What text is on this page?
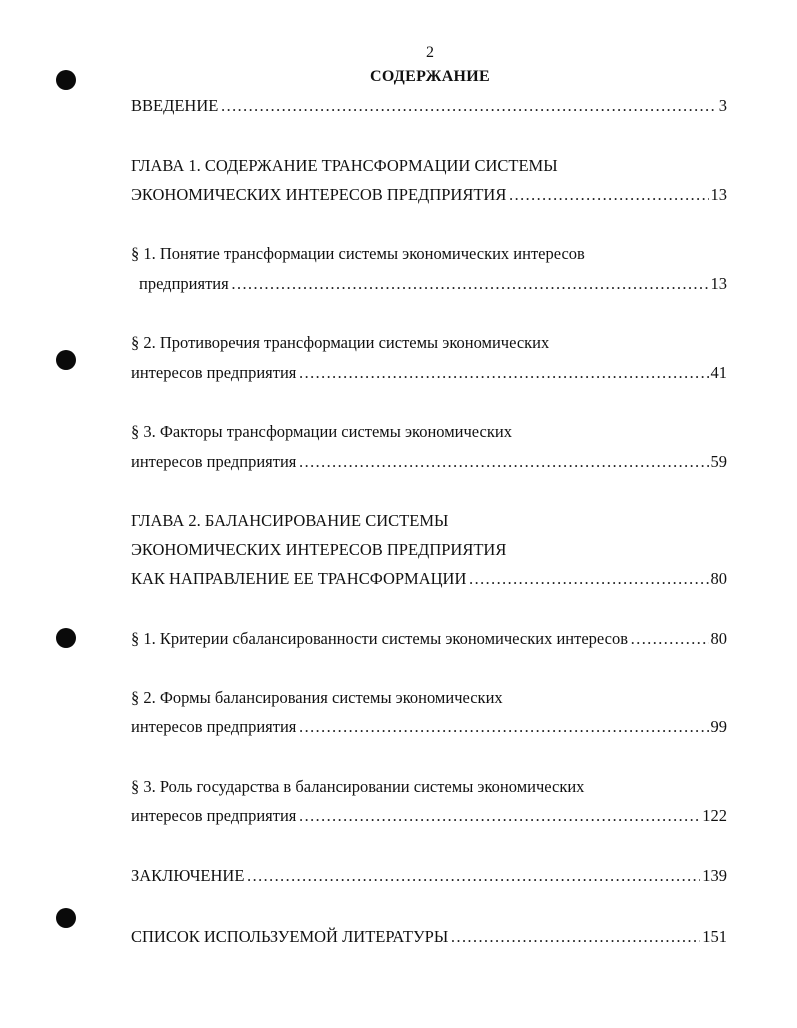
2
СОДЕРЖАНИЕ
ВВЕДЕНИЕ …………………………………………………………………………………………………………………………………………………………	3
ГЛАВА 1. СОДЕРЖАНИЕ ТРАНСФОРМАЦИИ СИСТЕМЫ
ЭКОНОМИЧЕСКИХ ИНТЕРЕСОВ ПРЕДПРИЯТИЯ …………………………………………………………………………………………………………………………………………………………	13
§ 1. Понятие трансформации системы экономических интересов
предприятия …………………………………………………………………………………………………………………………………………………………	13
§ 2. Противоречия трансформации системы экономических
интересов предприятия …………………………………………………………………………………………………………………………………………………………	41
§ 3. Факторы трансформации системы экономических
интересов предприятия …………………………………………………………………………………………………………………………………………………………	59
ГЛАВА 2. БАЛАНСИРОВАНИЕ СИСТЕМЫ
ЭКОНОМИЧЕСКИХ ИНТЕРЕСОВ ПРЕДПРИЯТИЯ
КАК НАПРАВЛЕНИЕ ЕЕ ТРАНСФОРМАЦИИ …………………………………………………………………………………………………………………………………………………………	80
§ 1. Критерии сбалансированности системы экономических интересов …………………………………………………………………………………………………………………………………………………………	80
§ 2. Формы балансирования системы экономических
интересов предприятия …………………………………………………………………………………………………………………………………………………………	99
§ 3. Роль государства в балансировании системы экономических
интересов предприятия …………………………………………………………………………………………………………………………………………………………	122
ЗАКЛЮЧЕНИЕ …………………………………………………………………………………………………………………………………………………………	139
СПИСОК ИСПОЛЬЗУЕМОЙ ЛИТЕРАТУРЫ …………………………………………………………………………………………………………………………………………………………	151
